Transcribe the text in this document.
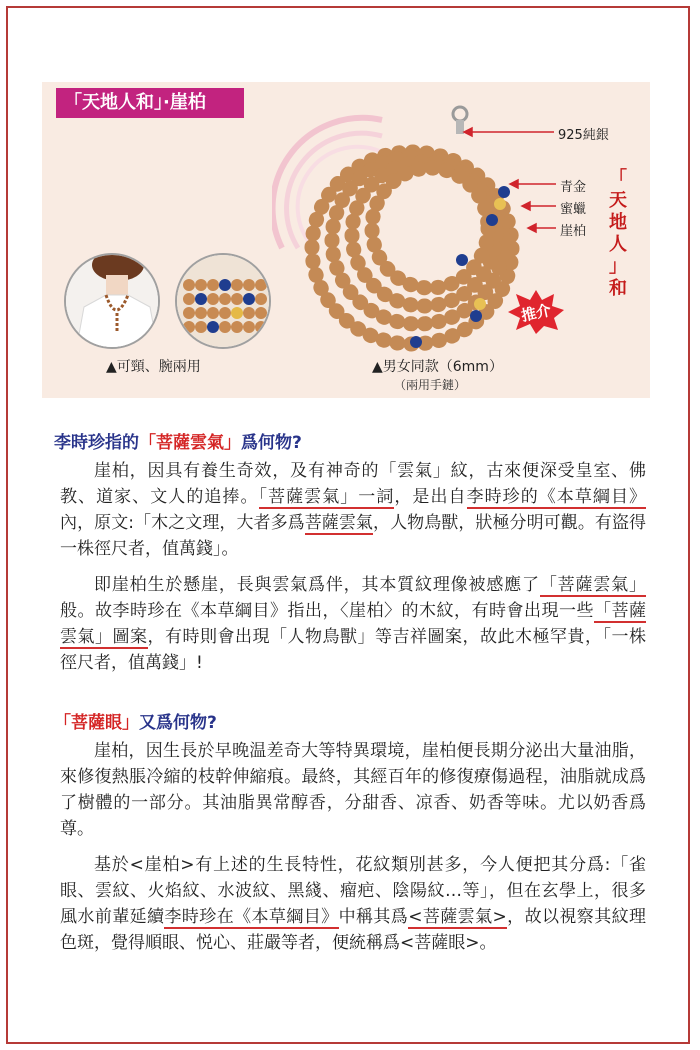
「天地人和」·崖柏
▲可頸、腕兩用
925純銀
青金
蜜蠟
崖柏
「
天
地
人
」
和
推介
▲男女同款（6mm）
（兩用手鏈）
李時珍指的「菩薩雲氣」爲何物?

崖柏，因具有養生奇效，及有神奇的「雲氣」紋，古來便深受皇室、佛教、道家、文人的追捧。「菩薩雲氣」一詞，是出自李時珍的《本草綱目》內，原文:「木之文理，大者多爲菩薩雲氣，人物鳥獸，狀極分明可觀。有盜得一株徑尺者，值萬錢」。

即崖柏生於懸崖，長與雲氣爲伴，其本質紋理像被感應了「菩薩雲氣」般。故李時珍在《本草綱目》指出，〈崖柏〉的木紋，有時會出現一些「菩薩雲氣」圖案，有時則會出現「人物鳥獸」等吉祥圖案，故此木極罕貴，「一株徑尺者，值萬錢」!

「菩薩眼」又爲何物?

崖柏，因生長於早晚温差奇大等特異環境，崖柏便長期分泌出大量油脂，來修復熱脹冷縮的枝幹伸縮痕。最終，其經百年的修復療傷過程，油脂就成爲了樹體的一部分。其油脂異常醇香，分甜香、凉香、奶香等味。尤以奶香爲尊。

基於<崖柏>有上述的生長特性，花紋類別甚多，今人便把其分爲:「雀眼、雲紋、火焰紋、水波紋、黑綫、瘤疤、陰陽紋…等」，但在玄學上，很多風水前輩延續李時珍在《本草綱目》中稱其爲<菩薩雲氣>，故以視察其紋理色斑，覺得順眼、悦心、莊嚴等者，便統稱爲<菩薩眼>。
